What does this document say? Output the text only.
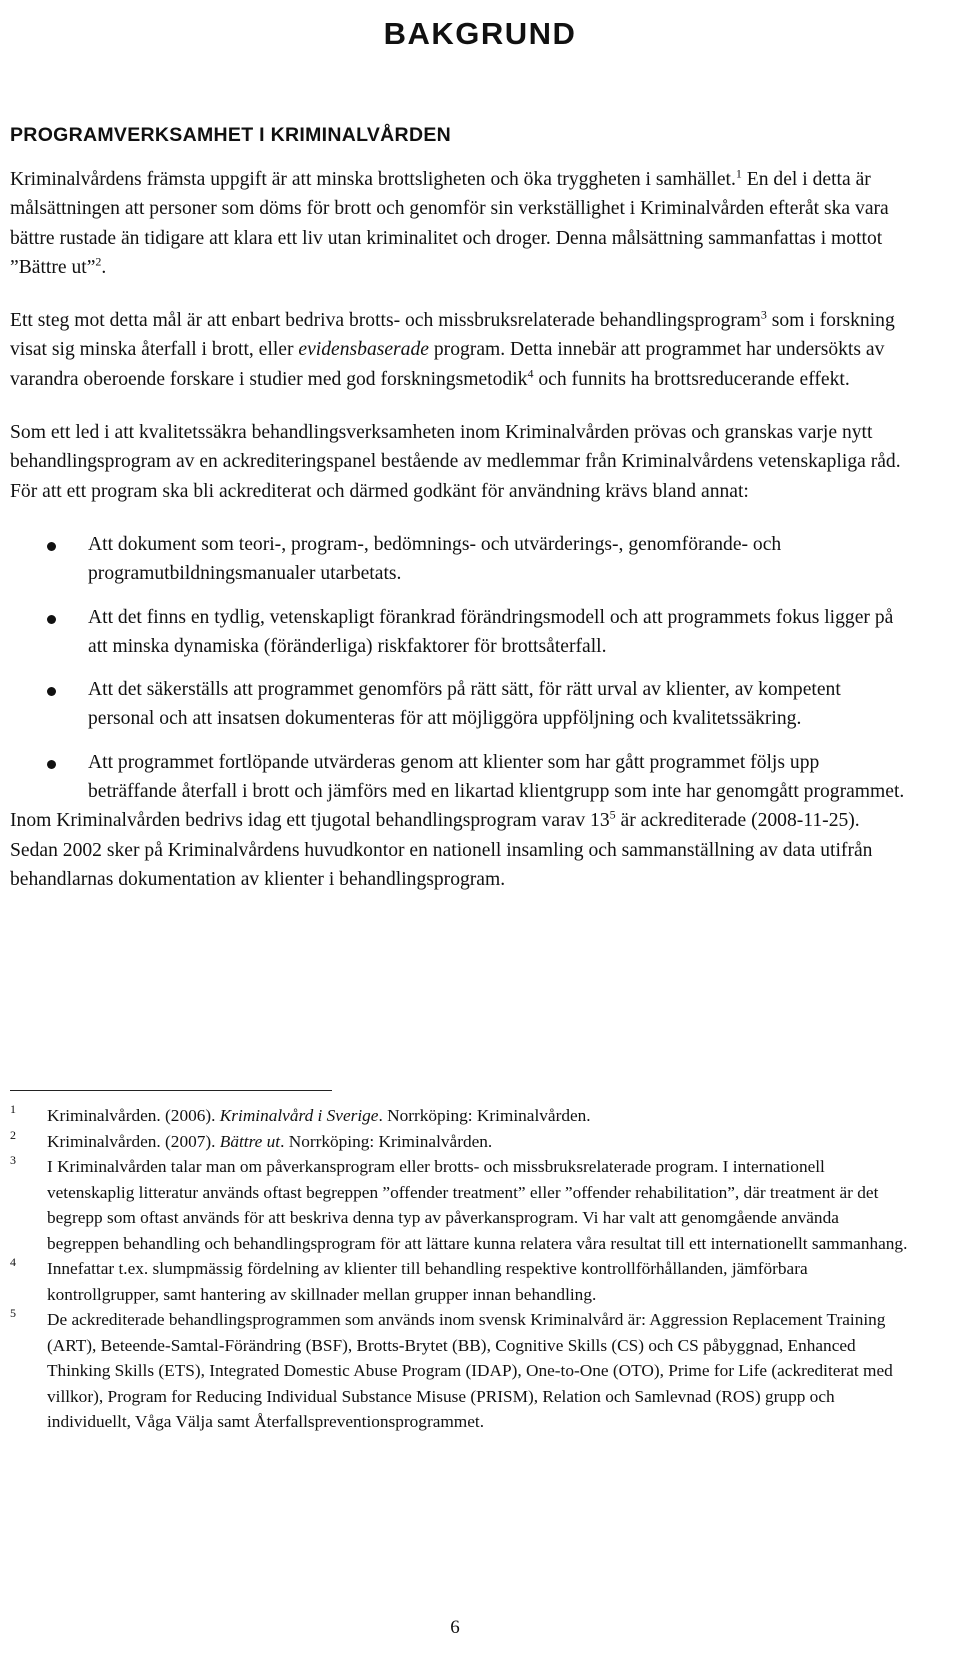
BAKGRUND
PROGRAMVERKSAMHET I KRIMINALVÅRDEN

Kriminalvårdens främsta uppgift är att minska brottsligheten och öka tryggheten i samhället.$^1$ En del i detta är målsättningen att personer som döms för brott och genomför sin verkställighet i Kriminalvården efteråt ska vara bättre rustade än tidigare att klara ett liv utan kriminalitet och droger. Denna målsättning sammanfattas i mottot ”Bättre ut”$^2$.

Ett steg mot detta mål är att enbart bedriva brotts- och missbruksrelaterade behandlingsprogram$^3$ som i forskning visat sig minska återfall i brott, eller evidensbaserade program. Detta innebär att programmet har undersökts av varandra oberoende forskare i studier med god forskningsmetodik$^4$ och funnits ha brottsreducerande effekt.

Som ett led i att kvalitetssäkra behandlingsverksamheten inom Kriminalvården prövas och granskas varje nytt behandlingsprogram av en ackrediteringspanel bestående av medlemmar från Kriminalvårdens vetenskapliga råd. För att ett program ska bli ackrediterat och därmed godkänt för användning krävs bland annat:

Att dokument som teori-, program-, bedömnings- och utvärderings-, genomförande- och programutbildningsmanualer utarbetats.
Att det finns en tydlig, vetenskapligt förankrad förändringsmodell och att programmets fokus ligger på att minska dynamiska (föränderliga) riskfaktorer för brottsåterfall.
Att det säkerställs att programmet genomförs på rätt sätt, för rätt urval av klienter, av kompetent personal och att insatsen dokumenteras för att möjliggöra uppföljning och kvalitetssäkring.
Att programmet fortlöpande utvärderas genom att klienter som har gått programmet följs upp beträffande återfall i brott och jämförs med en likartad klientgrupp som inte har genomgått programmet.

Inom Kriminalvården bedrivs idag ett tjugotal behandlingsprogram varav $13^5$ är ackrediterade (2008-11-25). Sedan 2002 sker på Kriminalvårdens huvudkontor en nationell insamling och sammanställning av data utifrån behandlarnas dokumentation av klienter i behandlingsprogram.

1 Kriminalvården. (2006). Kriminalvård i Sverige. Norrköping: Kriminalvården.
2 Kriminalvården. (2007). Bättre ut. Norrköping: Kriminalvården.
3 I Kriminalvården talar man om påverkansprogram eller brotts- och missbruksrelaterade program. I internationell vetenskaplig litteratur används oftast begreppen ”offender treatment” eller ”offender rehabilitation”, där treatment är det begrepp som oftast används för att beskriva denna typ av påverkansprogram. Vi har valt att genomgående använda begreppen behandling och behandlingsprogram för att lättare kunna relatera våra resultat till ett internationellt sammanhang.
4 Innefattar t.ex. slumpmässig fördelning av klienter till behandling respektive kontrollförhållanden, jämförbara kontrollgrupper, samt hantering av skillnader mellan grupper innan behandling.
5 De ackrediterade behandlingsprogrammen som används inom svensk Kriminalvård är: Aggression Replacement Training (ART), Beteende-Samtal-Förändring (BSF), Brotts-Brytet (BB), Cognitive Skills (CS) och CS påbyggnad, Enhanced Thinking Skills (ETS), Integrated Domestic Abuse Program (IDAP), One-to-One (OTO), Prime for Life (ackrediterat med villkor), Program for Reducing Individual Substance Misuse (PRISM), Relation och Samlevnad (ROS) grupp och individuellt, Våga Välja samt Återfallspreventionsprogrammet.
6
